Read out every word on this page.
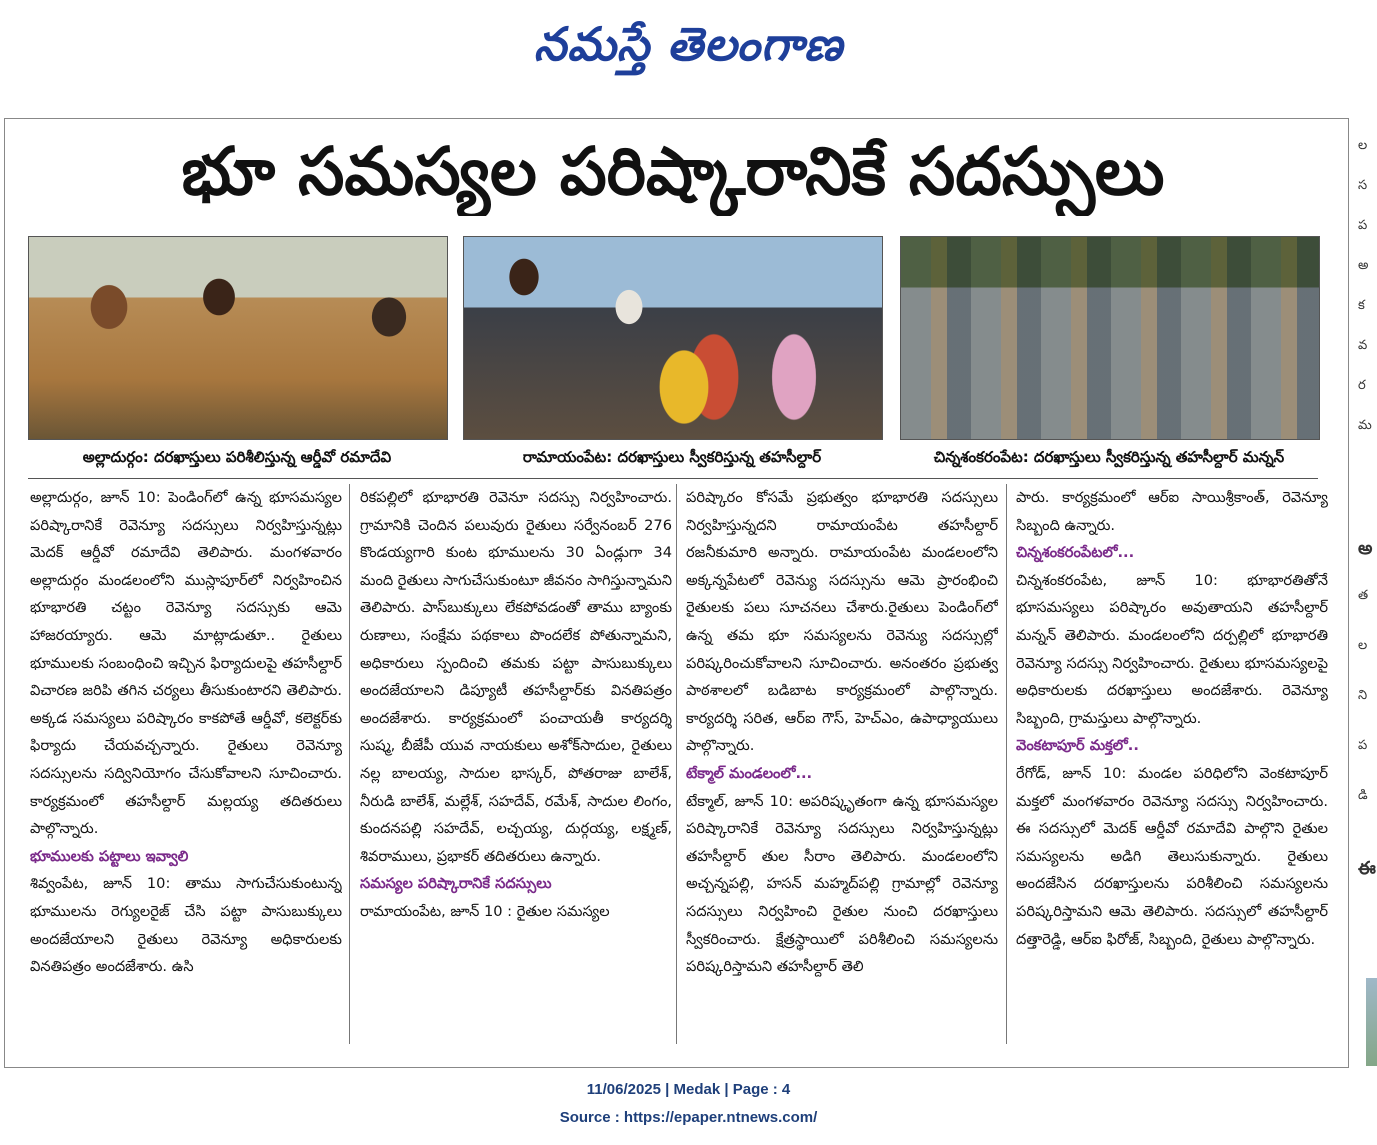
నమస్తే తెలంగాణ
ల
స
ప
అ
క
వ
ర
మ
అ
త
ల
ని
ప
డి
ఈ
భూ సమస్యల పరిష్కారానికే సదస్సులు
అల్లాదుర్గం: దరఖాస్తులు పరిశీలిస్తున్న ఆర్డీవో రమాదేవి	రామాయంపేట: దరఖాస్తులు స్వీకరిస్తున్న తహసీల్దార్	చిన్నశంకరంపేట: దరఖాస్తులు స్వీకరిస్తున్న తహసీల్దార్ మన్నన్
అల్లాదుర్గం, జూన్ 10: పెండింగ్‌లో ఉన్న భూసమస్యల పరిష్కారానికే రెవెన్యూ సదస్సులు నిర్వహిస్తున్నట్లు మెదక్ ఆర్డీవో రమాదేవి తెలిపారు. మంగళవారం అల్లాదుర్గం మండలంలోని ముస్లాపూర్‌లో నిర్వహించిన భూభారతి చట్టం రెవెన్యూ సదస్సుకు ఆమె హాజరయ్యారు. ఆమె మాట్లాడుతూ.. రైతులు భూములకు సంబంధించి ఇచ్చిన ఫిర్యాదులపై తహసీల్దార్ విచారణ జరిపి తగిన చర్యలు తీసుకుంటారని తెలిపారు. అక్కడ సమస్యలు పరిష్కారం కాకపోతే ఆర్డీవో, కలెక్టర్‌కు ఫిర్యాదు చేయవచ్చన్నారు. రైతులు రెవెన్యూ సదస్సులను సద్వినియోగం చేసుకోవాలని సూచించారు. కార్యక్రమంలో తహసీల్దార్ మల్లయ్య తదితరులు పాల్గొన్నారు.
భూములకు పట్టాలు ఇవ్వాలి
శివ్వంపేట, జూన్ 10: తాము సాగుచేసుకుంటున్న భూములను రెగ్యులరైజ్ చేసి పట్టా పాసుబుక్కులు అందజేయాలని రైతులు రెవెన్యూ అధికారులకు వినతిపత్రం అందజేశారు. ఉసి
రికపల్లిలో భూభారతి రెవెనూ సదస్సు నిర్వహించారు. గ్రామానికి చెందిన పలువురు రైతులు సర్వేనంబర్ 276 కొండయ్యగారి కుంట భూములను 30 ఏండ్లుగా 34 మంది రైతులు సాగుచేసుకుంటూ జీవనం సాగిస్తున్నామని తెలిపారు. పాస్‌బుక్కులు లేకపోవడంతో తాము బ్యాంకు రుణాలు, సంక్షేమ పథకాలు పొందలేక పోతున్నామని, అధికారులు స్పందించి తమకు పట్టా పాసుబుక్కులు అందజేయాలని డిప్యూటీ తహసీల్దార్‌కు వినతిపత్రం అందజేశారు. కార్యక్రమంలో పంచాయతీ కార్యదర్శి సుష్మ, బీజేపీ యువ నాయకులు అశోక్‌సాదుల, రైతులు నల్ల బాలయ్య, సాదుల భాస్కర్, పోతరాజు బాలేశ్, నీరుడి బాలేశ్, మల్లేశ్, సహదేవ్, రమేశ్, సాదుల లింగం, కుందనపల్లి సహదేవ్, లచ్చయ్య, దుర్గయ్య, లక్ష్మణ్, శివరాములు, ప్రభాకర్ తదితరులు ఉన్నారు.
సమస్యల పరిష్కారానికే సదస్సులు
రామాయంపేట, జూన్ 10 : రైతుల సమస్యల
పరిష్కారం కోసమే ప్రభుత్వం భూభారతి సదస్సులు నిర్వహిస్తున్నదని రామాయంపేట తహసీల్దార్ రజనీకుమారి అన్నారు. రామాయంపేట మండలంలోని అక్కన్నపేటలో రెవెన్యు సదస్సును ఆమె ప్రారంభించి రైతులకు పలు సూచనలు చేశారు.రైతులు పెండింగ్‌లో ఉన్న తమ భూ సమస్యలను రెవెన్యు సదస్సుల్లో పరిష్కరించుకోవాలని సూచించారు. అనంతరం ప్రభుత్వ పాఠశాలలో బడిబాట కార్యక్రమంలో పాల్గొన్నారు. కార్యదర్శి సరిత, ఆర్‌ఐ గౌస్, హెచ్‌ఎం, ఉపాధ్యాయులు పాల్గొన్నారు.
టేక్మాల్ మండలంలో...
టేక్మాల్, జూన్ 10: అపరిష్కృతంగా ఉన్న భూసమస్యల పరిష్కారానికే రెవెన్యూ సదస్సులు నిర్వహిస్తున్నట్లు తహసీల్దార్ తుల సీరాం తెలిపారు. మండలంలోని అచ్చన్నపల్లి, హసన్ మహ్మద్‌పల్లి గ్రామాల్లో రెవెన్యూ సదస్సులు నిర్వహించి రైతుల నుంచి దరఖాస్తులు స్వీకరించారు. క్షేత్రస్థాయిలో పరిశీలించి సమస్యలను పరిష్కరిస్తామని తహసీల్దార్ తెలి
పారు. కార్యక్రమంలో ఆర్‌ఐ సాయిశ్రీకాంత్, రెవెన్యూ సిబ్బంది ఉన్నారు.
చిన్నశంకరంపేటలో...
చిన్నశంకరంపేట, జూన్ 10: భూభారతితోనే భూసమస్యలు పరిష్కారం అవుతాయని తహసీల్దార్ మన్నన్ తెలిపారు. మండలంలోని దర్పల్లిలో భూభారతి రెవెన్యూ సదస్సు నిర్వహించారు. రైతులు భూసమస్యలపై అధికారులకు దరఖాస్తులు అందజేశారు. రెవెన్యూ సిబ్బంది, గ్రామస్తులు పాల్గొన్నారు.
వెంకటాపూర్ మక్తలో..
రేగోడ్, జూన్ 10: మండల పరిధిలోని వెంకటాపూర్ మక్తలో మంగళవారం రెవెన్యూ సదస్సు నిర్వహించారు. ఈ సదస్సులో మెదక్ ఆర్డీవో రమాదేవి పాల్గొని రైతుల సమస్యలను అడిగి తెలుసుకున్నారు. రైతులు అందజేసిన దరఖాస్తులను పరిశీలించి సమస్యలను పరిష్కరిస్తామని ఆమె తెలిపారు. సదస్సులో తహసీల్దార్ దత్తారెడ్డి, ఆర్‌ఐ ఫిరోజ్, సిబ్బంది, రైతులు పాల్గొన్నారు.
11/06/2025 | Medak | Page : 4
Source : https://epaper.ntnews.com/
